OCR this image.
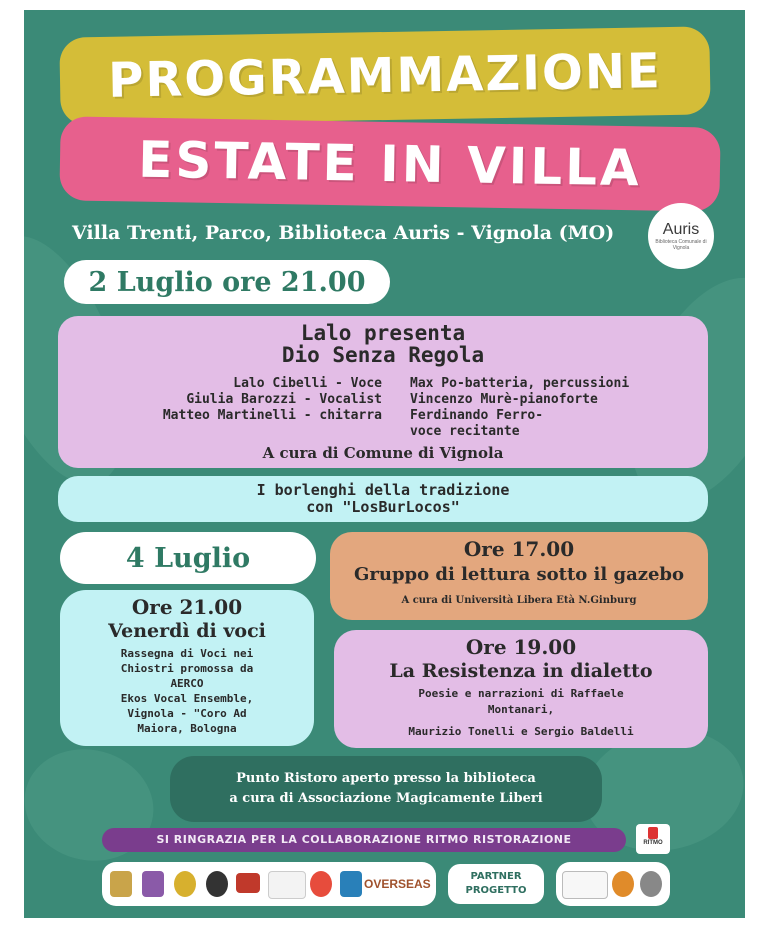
PROGRAMMAZIONE
ESTATE IN VILLA
Villa Trenti, Parco, Biblioteca Auris - Vignola (MO)	Auris
Biblioteca Comunale di Vignola
2 Luglio ore 21.00
Lalo presenta
Dio Senza Regola
Lalo Cibelli - Voce
Giulia Barozzi - Vocalist
Matteo Martinelli - chitarra
Max Po-batteria, percussioni
Vincenzo Murè-pianoforte
Ferdinando Ferro-
voce recitante
A cura di Comune di Vignola
I borlenghi della tradizione
con "LosBurLocos"
4 Luglio	Ore 17.00
Gruppo di lettura sotto il gazebo
A cura di Università Libera Età N.Ginburg
Ore 21.00
Venerdì di voci
Rassegna di Voci nei
Chiostri promossa da
AERCO
Ekos Vocal Ensemble,
Vignola - "Coro Ad
Maiora, Bologna
Ore 19.00
La Resistenza in dialetto
Poesie e narrazioni di Raffaele
Montanari,
Maurizio Tonelli e Sergio Baldelli
Punto Ristoro aperto presso la biblioteca
a cura di Associazione Magicamente Liberi
SI RINGRAZIA PER LA COLLABORAZIONE RITMO RISTORAZIONE	RITMO
OVERSEAS
PARTNER
PROGETTO
